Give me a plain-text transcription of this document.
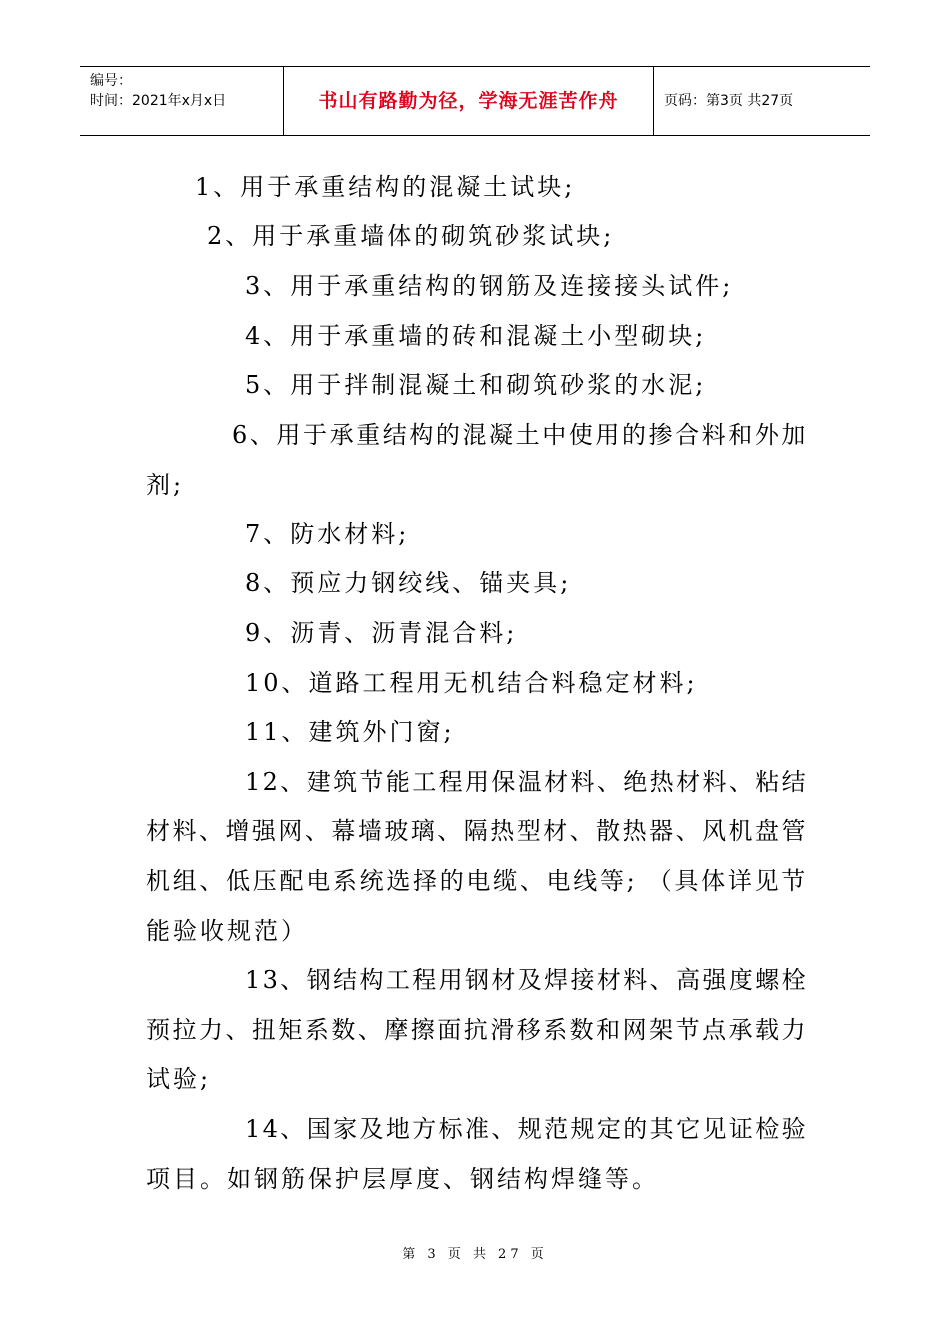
编号：
时间：2021年x月x日	书山有路勤为径，学海无涯苦作舟	页码：第3页 共27页
1、用于承重结构的混凝土试块;
2、用于承重墙体的砌筑砂浆试块;
3、用于承重结构的钢筋及连接接头试件;
4、用于承重墙的砖和混凝土小型砌块;
5、用于拌制混凝土和砌筑砂浆的水泥;
6、用于承重结构的混凝土中使用的掺合料和外加
剂;
7、防水材料;
8、预应力钢绞线、锚夹具;
9、沥青、沥青混合料;
10、道路工程用无机结合料稳定材料;
11、建筑外门窗;
12、建筑节能工程用保温材料、绝热材料、粘结
材料、增强网、幕墙玻璃、隔热型材、散热器、风机盘管
机组、低压配电系统选择的电缆、电线等; （具体详见节
能验收规范）
13、钢结构工程用钢材及焊接材料、高强度螺栓
预拉力、扭矩系数、摩擦面抗滑移系数和网架节点承载力
试验;
14、国家及地方标准、规范规定的其它见证检验
项目。如钢筋保护层厚度、钢结构焊缝等。
第 3 页 共 27 页
